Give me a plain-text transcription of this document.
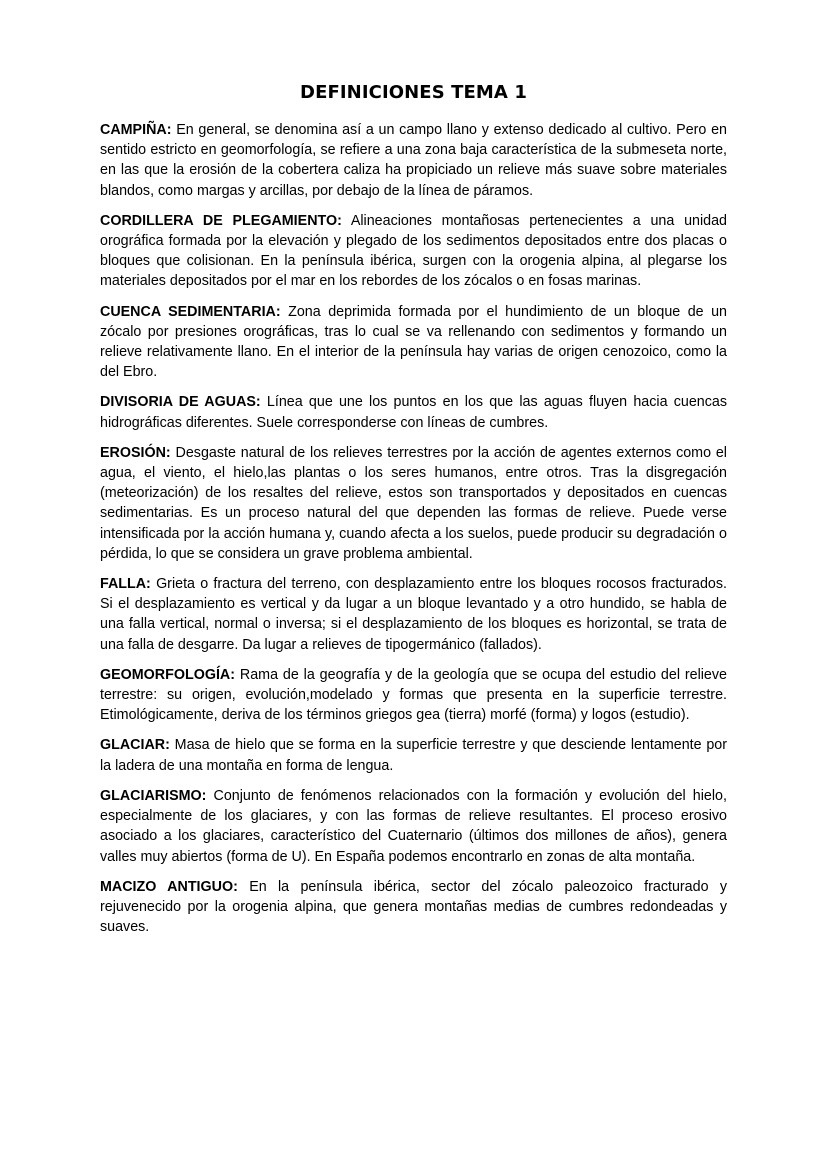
DEFINICIONES TEMA 1

CAMPIÑA: En general, se denomina así a un campo llano y extenso dedicado al cultivo. Pero en sentido estricto en geomorfología, se refiere a una zona baja característica de la submeseta norte, en las que la erosión de la cobertera caliza ha propiciado un relieve más suave sobre materiales blandos, como margas y arcillas, por debajo de la línea de páramos.

CORDILLERA DE PLEGAMIENTO: Alineaciones montañosas pertenecientes a una unidad orográfica formada por la elevación y plegado de los sedimentos depositados entre dos placas o bloques que colisionan. En la península ibérica, surgen con la orogenia alpina, al plegarse los materiales depositados por el mar en los rebordes de los zócalos o en fosas marinas.

CUENCA SEDIMENTARIA: Zona deprimida formada por el hundimiento de un bloque de un zócalo por presiones orográficas, tras lo cual se va rellenando con sedimentos y formando un relieve relativamente llano. En el interior de la península hay varias de origen cenozoico, como la del Ebro.

DIVISORIA DE AGUAS: Línea que une los puntos en los que las aguas fluyen hacia cuencas hidrográficas diferentes. Suele corresponderse con líneas de cumbres.

EROSIÓN: Desgaste natural de los relieves terrestres por la acción de agentes externos como el agua, el viento, el hielo,las plantas o los seres humanos, entre otros. Tras la disgregación (meteorización) de los resaltes del relieve, estos son transportados y depositados en cuencas sedimentarias. Es un proceso natural del que dependen las formas de relieve. Puede verse intensificada por la acción humana y, cuando afecta a los suelos, puede producir su degradación o pérdida, lo que se considera un grave problema ambiental.

FALLA: Grieta o fractura del terreno, con desplazamiento entre los bloques rocosos fracturados. Si el desplazamiento es vertical y da lugar a un bloque levantado y a otro hundido, se habla de una falla vertical, normal o inversa; si el desplazamiento de los bloques es horizontal, se trata de una falla de desgarre. Da lugar a relieves de tipogermánico (fallados).

GEOMORFOLOGÍA: Rama de la geografía y de la geología que se ocupa del estudio del relieve terrestre: su origen, evolución,modelado y formas que presenta en la superficie terrestre. Etimológicamente, deriva de los términos griegos gea (tierra) morfé (forma) y logos (estudio).

GLACIAR: Masa de hielo que se forma en la superficie terrestre y que desciende lentamente por la ladera de una montaña en forma de lengua.

GLACIARISMO: Conjunto de fenómenos relacionados con la formación y evolución del hielo, especialmente de los glaciares, y con las formas de relieve resultantes. El proceso erosivo asociado a los glaciares, característico del Cuaternario (últimos dos millones de años), genera valles muy abiertos (forma de U). En España podemos encontrarlo en zonas de alta montaña.

MACIZO ANTIGUO: En la península ibérica, sector del zócalo paleozoico fracturado y rejuvenecido por la orogenia alpina, que genera montañas medias de cumbres redondeadas y suaves.
